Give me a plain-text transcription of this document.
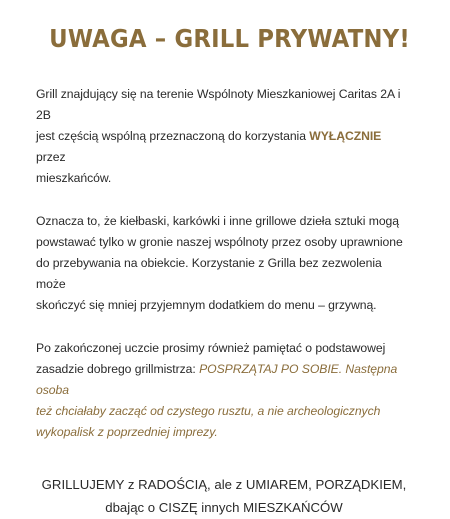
UWAGA – GRILL PRYWATNY!

Grill znajdujący się na terenie Wspólnoty Mieszkaniowej Caritas 2A i 2B
jest częścią wspólną przeznaczoną do korzystania WYŁĄCZNIE przez
mieszkańców.

Oznacza to, że kiełbaski, karkówki i inne grillowe dzieła sztuki mogą
powstawać tylko w gronie naszej wspólnoty przez osoby uprawnione
do przebywania na obiekcie. Korzystanie z Grilla bez zezwolenia może
skończyć się mniej przyjemnym dodatkiem do menu – grzywną.

Po zakończonej uczcie prosimy również pamiętać o podstawowej
zasadzie dobrego grillmistrza: POSPRZĄTAJ PO SOBIE. Następna osoba
też chciałaby zacząć od czystego rusztu, a nie archeologicznych
wykopalisk z poprzedniej imprezy.

GRILLUJEMY z RADOŚCIĄ, ale z UMIAREM, PORZĄDKIEM,
dbając o CISZĘ innych MIESZKAŃCÓW
